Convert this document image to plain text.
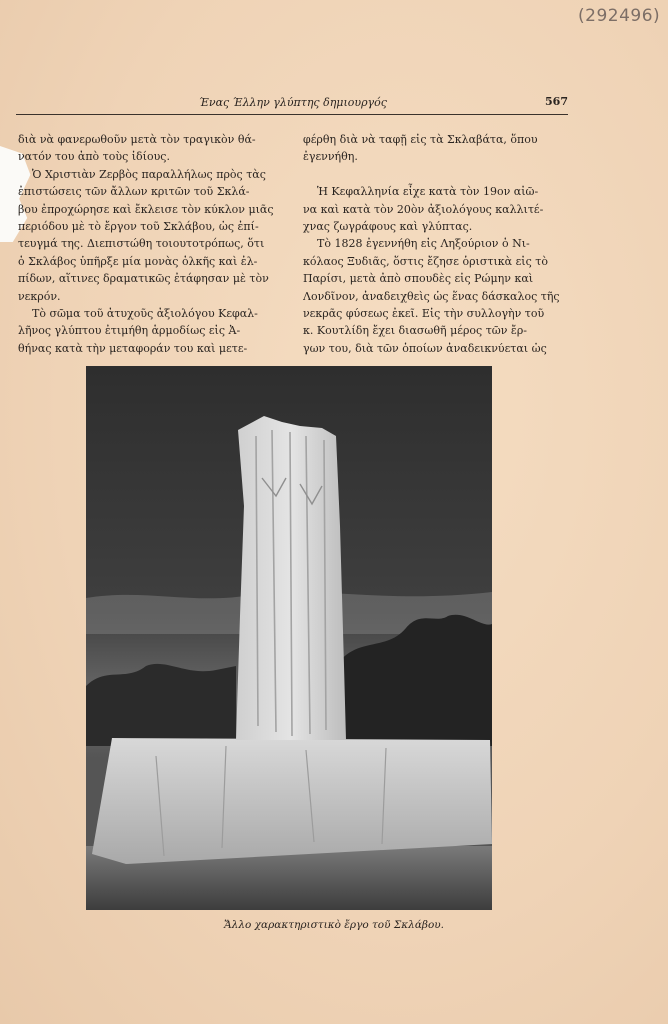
(292496)
Ένας Έλλην γλύπτης δημιουργός	567
διὰ νὰ φανερωθοῦν μετὰ τὸν τραγικὸν θά-
νατόν του ἀπὸ τοὺς ἰδίους.
Ὁ Χριστιὰν Ζερβὸς παραλλήλως πρὸς τὰς
ἐπιστώσεις τῶν ἄλλων κριτῶν τοῦ Σκλά-
βου ἐπροχώρησε καὶ ἔκλεισε τὸν κύκλον μιᾶς
περιόδου μὲ τὸ ἔργον τοῦ Σκλάβου, ὡς ἐπί-
τευγμά της. Διεπιστώθη τοιουτοτρόπως, ὅτι
ὁ Σκλάβος ὑπῆρξε μία μονὰς ὁλκῆς καὶ ἐλ-
πίδων, αἵτινες δραματικῶς ἐτάφησαν μὲ τὸν
νεκρόν.
Τὸ σῶμα τοῦ ἀτυχοῦς ἀξιολόγου Κεφαλ-
λῆνος γλύπτου ἐτιμήθη ἁρμοδίως εἰς Ἀ-
θήνας κατὰ τὴν μεταφοράν του καὶ μετε-
φέρθη διὰ νὰ ταφῇ εἰς τὰ Σκλαβάτα, ὅπου
ἐγεννήθη.

Ἡ Κεφαλληνία εἶχε κατὰ τὸν 19ον αἰῶ-
να καὶ κατὰ τὸν 20ὸν ἀξιολόγους καλλιτέ-
χνας ζωγράφους καὶ γλύπτας.
Τὸ 1828 ἐγεννήθη εἰς Ληξούριον ὁ Νι-
κόλαος Ξυδιᾶς, ὅστις ἔζησε ὁριστικὰ εἰς τὸ
Παρίσι, μετὰ ἀπὸ σπουδὲς εἰς Ρώμην καὶ
Λονδῖνον, ἀναδειχθεὶς ὡς ἕνας δάσκαλος τῆς
νεκρᾶς φύσεως ἐκεῖ. Εἰς τὴν συλλογὴν τοῦ
κ. Κουτλίδη ἔχει διασωθῆ μέρος τῶν ἔρ-
γων του, διὰ τῶν ὁποίων ἀναδεικνύεται ὡς
Ἄλλο χαρακτηριστικὸ ἔργο τοῦ Σκλάβου.
